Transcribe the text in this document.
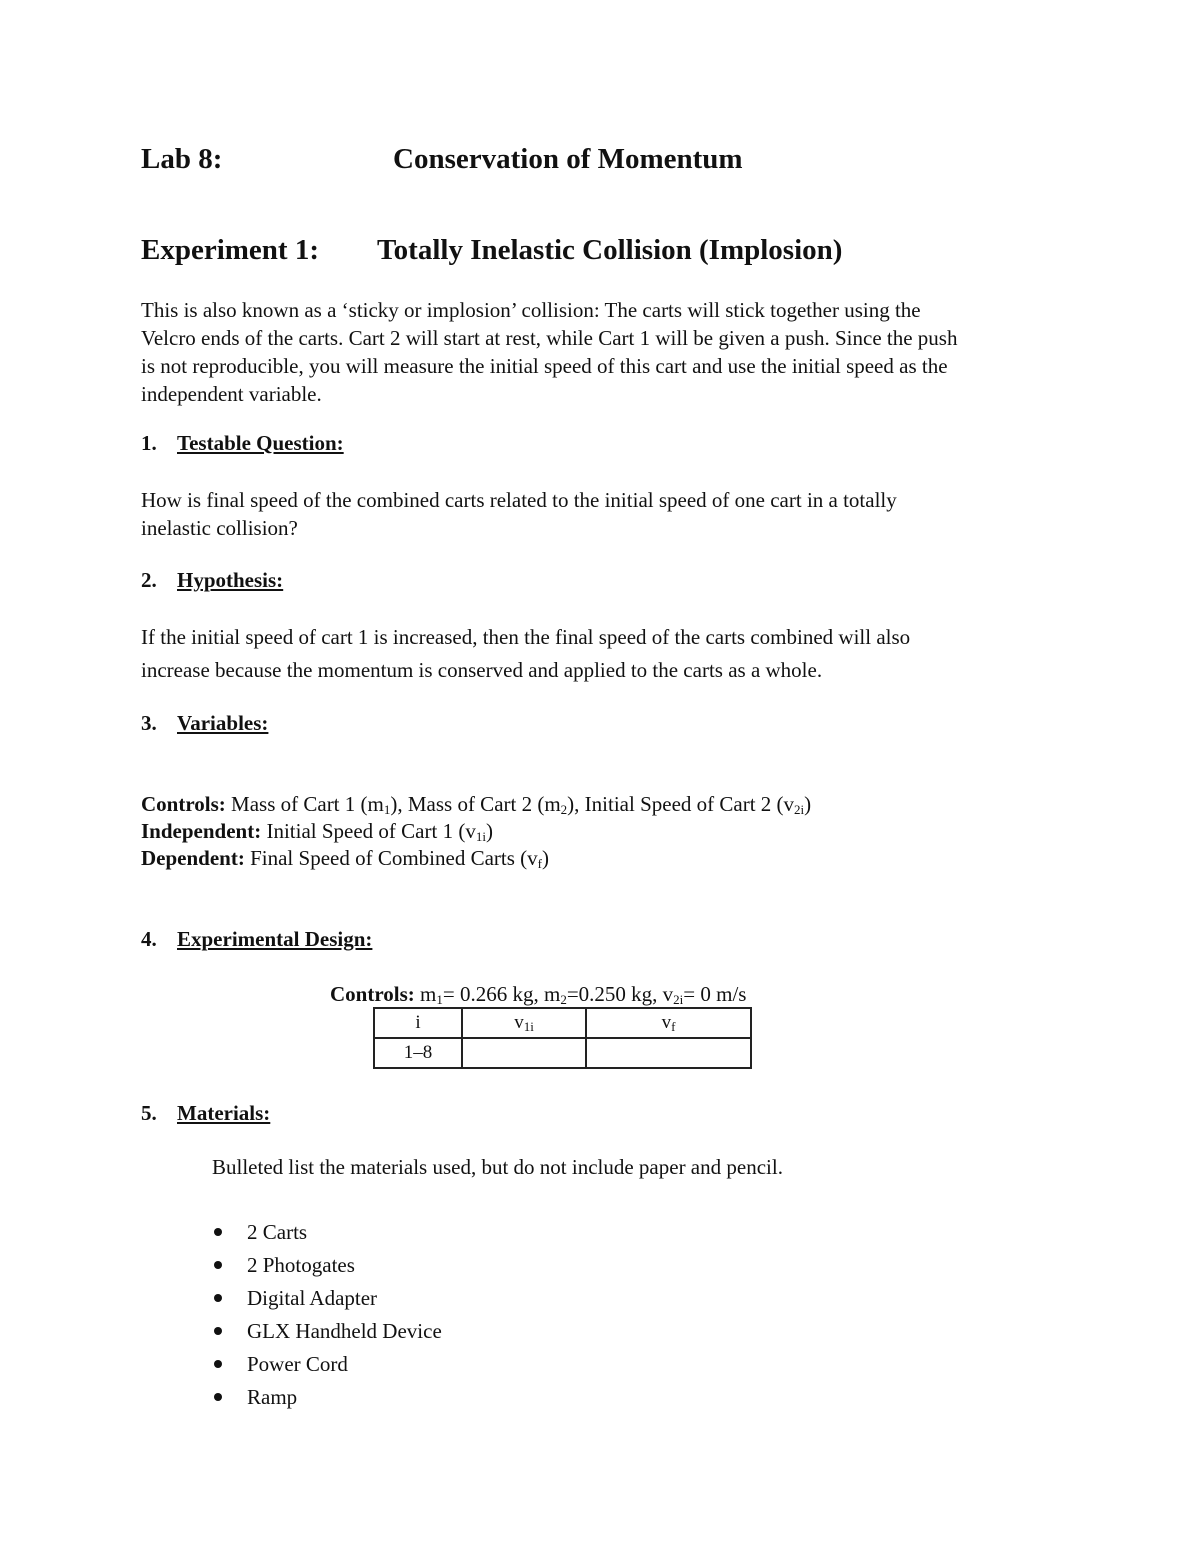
Lab 8:	Conservation of Momentum
Experiment 1: Totally Inelastic Collision (Implosion)
This is also known as a ‘sticky or implosion’ collision: The carts will stick together using the
Velcro ends of the carts. Cart 2 will start at rest, while Cart 1 will be given a push. Since the push
is not reproducible, you will measure the initial speed of this cart and use the initial speed as the
independent variable.
1. Testable Question:
How is final speed of the combined carts related to the initial speed of one cart in a totally
inelastic collision?
2. Hypothesis:
If the initial speed of cart 1 is increased, then the final speed of the carts combined will also
increase because the momentum is conserved and applied to the carts as a whole.
3. Variables:
Controls: Mass of Cart 1 $(m_1)$, Mass of Cart 2 $(m_2)$, Initial Speed of Cart 2 $(v_{2i})$
Independent: Initial Speed of Cart 1 $(v_{1i})$
Dependent: Final Speed of Combined Carts $(v_f)$
4. Experimental Design:
Controls: $m_1= 0.266$ kg, $m_2=0.250$ kg, $v_{2i}= 0$ m/s
i	$v_{1i}$	$v_f$
1–8		
5. Materials:
Bulleted list the materials used, but do not include paper and pencil.
2 Carts
2 Photogates
Digital Adapter
GLX Handheld Device
Power Cord
Ramp
